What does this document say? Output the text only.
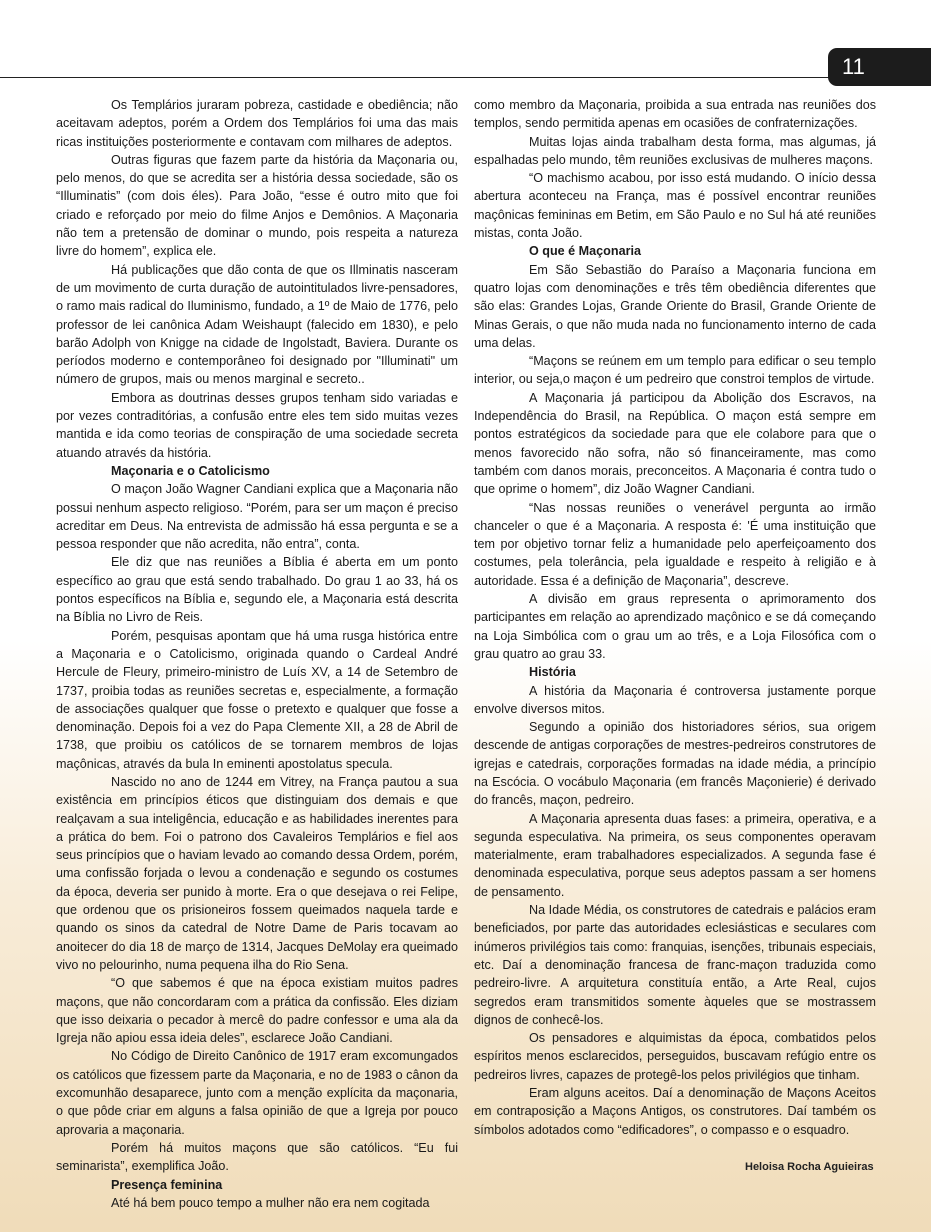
11

Os Templários juraram pobreza, castidade e obediência; não aceitavam adeptos, porém a Ordem dos Templários foi uma das mais ricas instituições posteriormente e contavam com milhares de adeptos.

Outras figuras que fazem parte da história da Maçonaria ou, pelo menos, do que se acredita ser a história dessa sociedade, são os “Illuminatis” (com dois éles). Para João, “esse é outro mito que foi criado e reforçado por meio do filme Anjos e Demônios. A Maçonaria não tem a pretensão de dominar o mundo, pois respeita a natureza livre do homem”, explica ele.

Há publicações que dão conta de que os Illminatis nasceram de um movimento de curta duração de autointitulados livre-pensadores, o ramo mais radical do Iluminismo, fundado, a 1º de Maio de 1776, pelo professor de lei canônica Adam Weishaupt (falecido em 1830), e pelo barão Adolph von Knigge na cidade de Ingolstadt, Baviera. Durante os períodos moderno e contemporâneo foi designado por "Illuminati" um número de grupos, mais ou menos marginal e secreto..

Embora as doutrinas desses grupos tenham sido variadas e por vezes contraditórias, a confusão entre eles tem sido muitas vezes mantida e ida como teorias de conspiração de uma sociedade secreta atuando através da história.

Maçonaria e o Catolicismo

O maçon João Wagner Candiani explica que a Maçonaria não possui nenhum aspecto religioso. “Porém, para ser um maçon é preciso acreditar em Deus. Na entrevista de admissão há essa pergunta e se a pessoa responder que não acredita, não entra”, conta.

Ele diz que nas reuniões a Bíblia é aberta em um ponto específico ao grau que está sendo trabalhado. Do grau 1 ao 33, há os pontos específicos na Bíblia e, segundo ele, a Maçonaria está descrita na Bíblia no Livro de Reis.

Porém, pesquisas apontam que há uma rusga histórica entre a Maçonaria e o Catolicismo, originada quando o Cardeal André Hercule de Fleury, primeiro-ministro de Luís XV, a 14 de Setembro de 1737, proibia todas as reuniões secretas e, especialmente, a formação de associações qualquer que fosse o pretexto e qualquer que fosse a denominação. Depois foi a vez do Papa Clemente XII, a 28 de Abril de 1738, que proibiu os católicos de se tornarem membros de lojas maçônicas, através da bula In eminenti apostolatus specula.

Nascido no ano de 1244 em Vitrey, na França pautou a sua existência em princípios éticos que distinguiam dos demais e que realçavam a sua inteligência, educação e as habilidades inerentes para a prática do bem. Foi o patrono dos Cavaleiros Templários e fiel aos seus princípios que o haviam levado ao comando dessa Ordem, porém, uma confissão forjada o levou a condenação e segundo os costumes da época, deveria ser punido à morte. Era o que desejava o rei Felipe, que ordenou que os prisioneiros fossem queimados naquela tarde e quando os sinos da catedral de Notre Dame de Paris tocavam ao anoitecer do dia 18 de março de 1314, Jacques DeMolay era queimado vivo no pelourinho, numa pequena ilha do Rio Sena.

“O que sabemos é que na época existiam muitos padres maçons, que não concordaram com a prática da confissão. Eles diziam que isso deixaria o pecador à mercê do padre confessor e uma ala da Igreja não apiou essa ideia deles”, esclarece João Candiani.

No Código de Direito Canônico de 1917 eram excomungados os católicos que fizessem parte da Maçonaria, e no de 1983 o cânon da excomunhão desaparece, junto com a menção explícita da maçonaria, o que pôde criar em alguns a falsa opinião de que a Igreja por pouco aprovaria a maçonaria.

Porém há muitos maçons que são católicos. “Eu fui seminarista”, exemplifica João.

Presença feminina

Até há bem pouco tempo a mulher não era nem cogitada

como membro da Maçonaria, proibida a sua entrada nas reuniões dos templos, sendo permitida apenas em ocasiões de confraternizações.

Muitas lojas ainda trabalham desta forma, mas algumas, já espalhadas pelo mundo, têm reuniões exclusivas de mulheres maçons.

“O machismo acabou, por isso está mudando. O início dessa abertura aconteceu na França, mas é possível encontrar reuniões maçônicas femininas em Betim, em São Paulo e no Sul há até reuniões mistas, conta João.

O que é Maçonaria

Em São Sebastião do Paraíso a Maçonaria funciona em quatro lojas com denominações e três têm obediência diferentes que são elas: Grandes Lojas, Grande Oriente do Brasil, Grande Oriente de Minas Gerais, o que não muda nada no funcionamento interno de cada uma delas.

“Maçons se reúnem em um templo para edificar o seu templo interior, ou seja,o maçon é um pedreiro que constroi templos de virtude.

A Maçonaria já participou da Abolição dos Escravos, na Independência do Brasil, na República. O maçon está sempre em pontos estratégicos da sociedade para que ele colabore para que o menos favorecido não sofra, não só financeiramente, mas como também com danos morais, preconceitos. A Maçonaria é contra tudo o que oprime o homem”, diz João Wagner Candiani.

“Nas nossas reuniões o venerável pergunta ao irmão chanceler o que é a Maçonaria. A resposta é: 'É uma instituição que tem por objetivo tornar feliz a humanidade pelo aperfeiçoamento dos costumes, pela tolerância, pela igualdade e respeito à religião e à autoridade. Essa é a definição de Maçonaria”, descreve.

A divisão em graus representa o aprimoramento dos participantes em relação ao aprendizado maçônico e se dá começando na Loja Simbólica com o grau um ao três, e a Loja Filosófica com o grau quatro ao grau 33.

História

A história da Maçonaria é controversa justamente porque envolve diversos mitos.

Segundo a opinião dos historiadores sérios, sua origem descende de antigas corporações de mestres-pedreiros construtores de igrejas e catedrais, corporações formadas na idade média, a princípio na Escócia. O vocábulo Maçonaria (em francês Maçonierie) é derivado do francês, maçon, pedreiro.

A Maçonaria apresenta duas fases: a primeira, operativa, e a segunda especulativa. Na primeira, os seus componentes operavam materialmente, eram trabalhadores especializados. A segunda fase é denominada especulativa, porque seus adeptos passam a ser homens de pensamento.

Na Idade Média, os construtores de catedrais e palácios eram beneficiados, por parte das autoridades eclesiásticas e seculares com inúmeros privilégios tais como: franquias, isenções, tribunais especiais, etc. Daí a denominação francesa de franc-maçon traduzida como pedreiro-livre. A arquitetura constituía então, a Arte Real, cujos segredos eram transmitidos somente àqueles que se mostrassem dignos de conhecê-los.

Os pensadores e alquimistas da época, combatidos pelos espíritos menos esclarecidos, perseguidos, buscavam refúgio entre os pedreiros livres, capazes de protegê-los pelos privilégios que tinham.

Eram alguns aceitos. Daí a denominação de Maçons Aceitos em contraposição a Maçons Antigos, os construtores. Daí também os símbolos adotados como “edificadores”, o compasso e o esquadro.

Heloisa Rocha Aguieiras
